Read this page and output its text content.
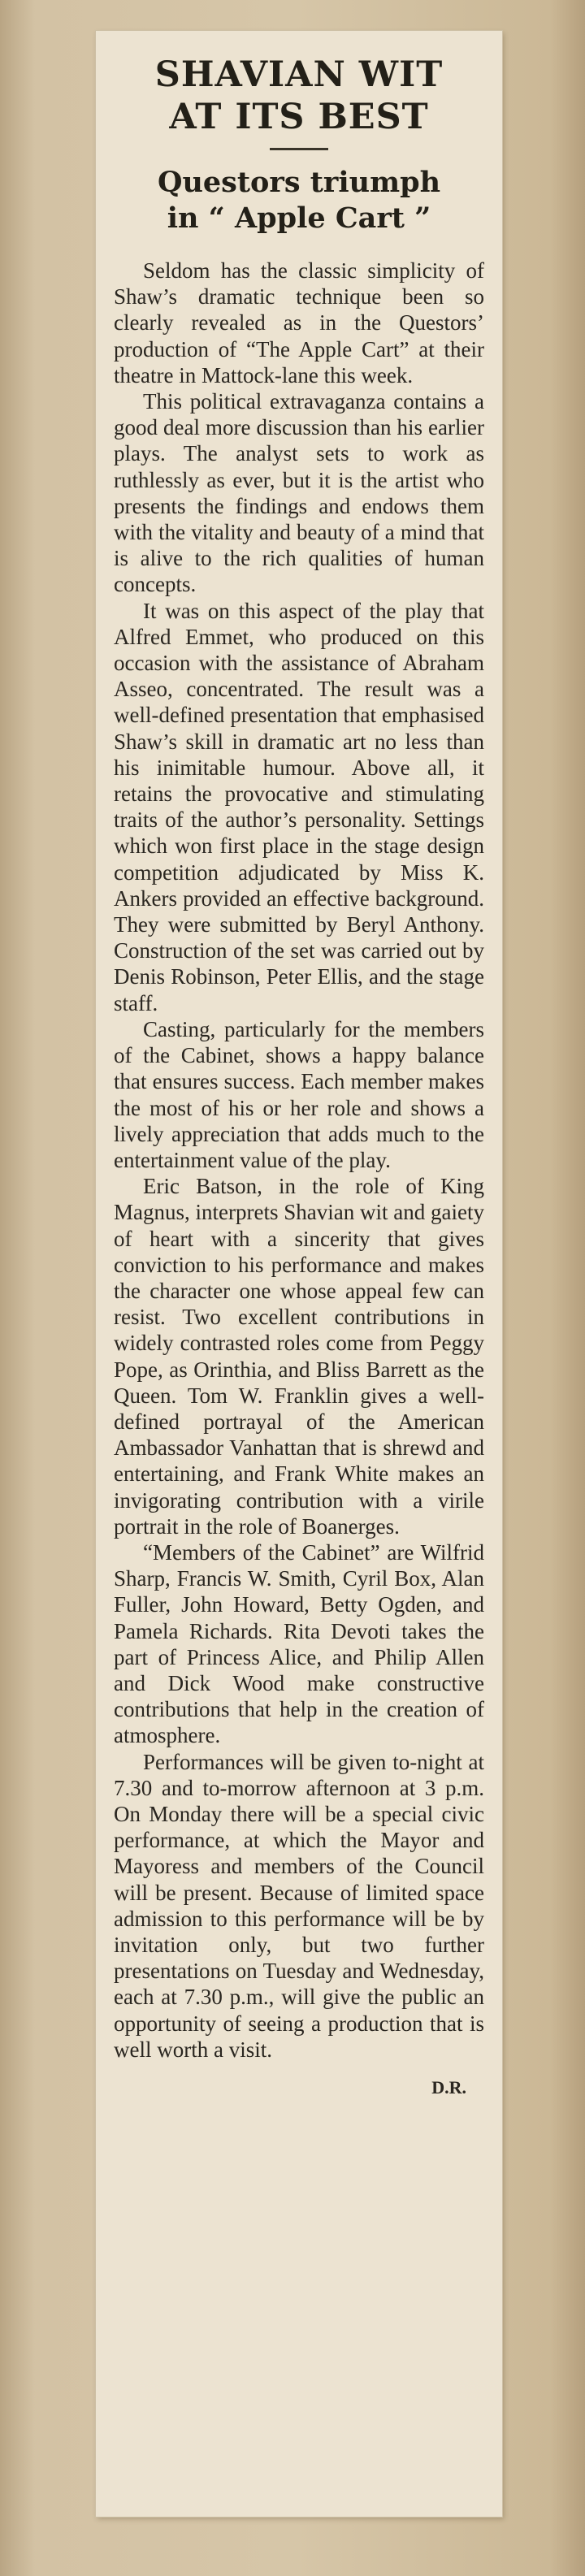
SHAVIAN WIT
AT ITS BEST
Questors triumph
in “ Apple Cart ”

Seldom has the classic simplicity of Shaw’s dramatic technique been so clearly revealed as in the Questors’ production of “The Apple Cart” at their theatre in Mattock-lane this week.

This political extravaganza contains a good deal more discussion than his earlier plays. The analyst sets to work as ruthlessly as ever, but it is the artist who presents the findings and endows them with the vitality and beauty of a mind that is alive to the rich qualities of human concepts.

It was on this aspect of the play that Alfred Emmet, who produced on this occasion with the assistance of Abraham Asseo, concentrated. The result was a well-defined presentation that emphasised Shaw’s skill in dramatic art no less than his inimitable humour. Above all, it retains the provocative and stimulating traits of the author’s personality. Settings which won first place in the stage design competition adjudicated by Miss K. Ankers provided an effective background. They were submitted by Beryl Anthony. Construction of the set was carried out by Denis Robinson, Peter Ellis, and the stage staff.

Casting, particularly for the members of the Cabinet, shows a happy balance that ensures success. Each member makes the most of his or her role and shows a lively appreciation that adds much to the entertainment value of the play.

Eric Batson, in the role of King Magnus, interprets Shavian wit and gaiety of heart with a sincerity that gives conviction to his performance and makes the character one whose appeal few can resist. Two excellent contributions in widely contrasted roles come from Peggy Pope, as Orinthia, and Bliss Barrett as the Queen. Tom W. Franklin gives a well-defined portrayal of the American Ambassador Vanhattan that is shrewd and entertaining, and Frank White makes an invigorating contribution with a virile portrait in the role of Boanerges.

“Members of the Cabinet” are Wilfrid Sharp, Francis W. Smith, Cyril Box, Alan Fuller, John Howard, Betty Ogden, and Pamela Richards. Rita Devoti takes the part of Princess Alice, and Philip Allen and Dick Wood make constructive contributions that help in the creation of atmosphere.

Performances will be given to-night at 7.30 and to-morrow afternoon at 3 p.m. On Monday there will be a special civic performance, at which the Mayor and Mayoress and members of the Council will be present. Because of limited space admission to this performance will be by invitation only, but two further presentations on Tuesday and Wednesday, each at 7.30 p.m., will give the public an opportunity of seeing a production that is well worth a visit.

D.R.
